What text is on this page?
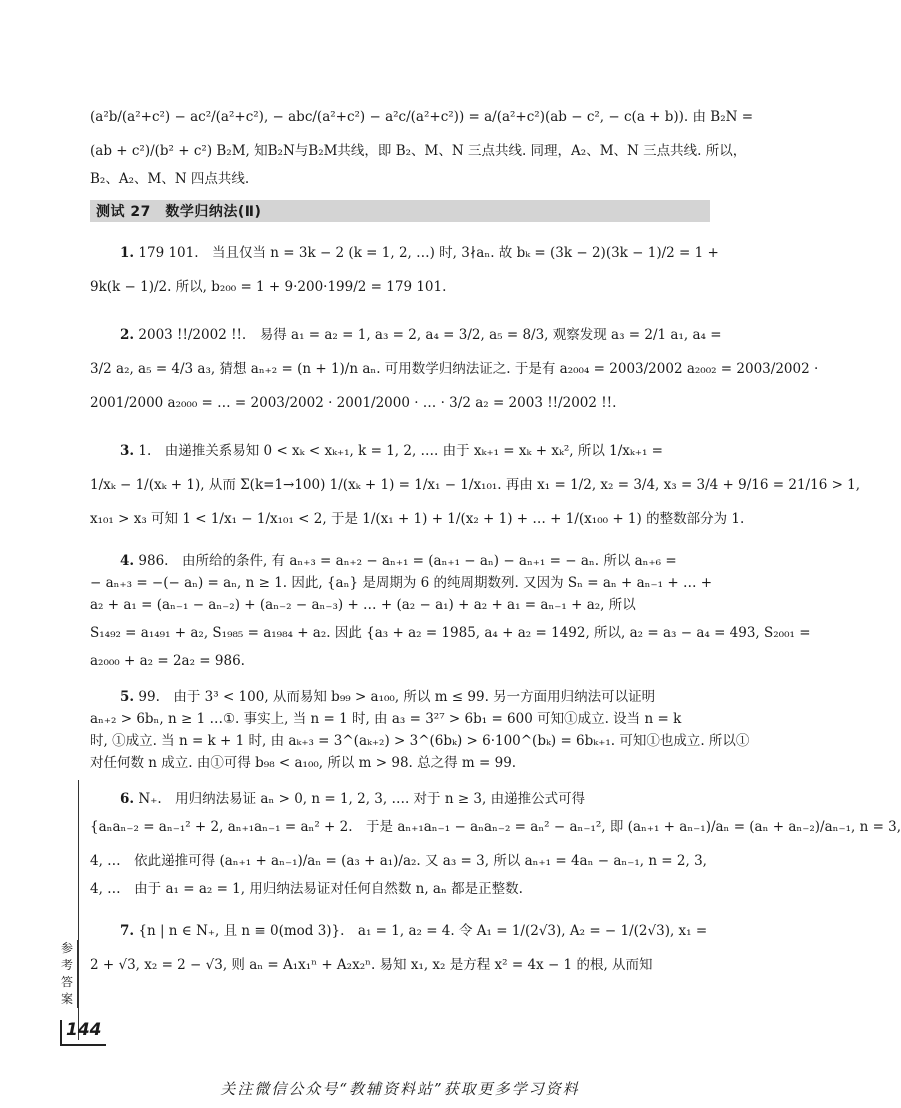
(a²b/(a²+c²) − ac²/(a²+c²), − abc/(a²+c²) − a²c/(a²+c²)) = a/(a²+c²)(ab − c², − c(a + b)). 由 B₂N =
(ab + c²)/(b² + c²) B₂M, 知B₂N与B₂M共线，即 B₂、M、N 三点共线. 同理，A₂、M、N 三点共线. 所以，
B₂、A₂、M、N 四点共线.
测试 27　数学归纳法(Ⅱ)
1. 179 101.　当且仅当 n = 3k − 2 (k = 1, 2, …) 时, 3∤aₙ. 故 bₖ = (3k − 2)(3k − 1)/2 = 1 +
9k(k − 1)/2. 所以, b₂₀₀ = 1 + 9·200·199/2 = 179 101.
2. 2003 !!/2002 !!.　易得 a₁ = a₂ = 1, a₃ = 2, a₄ = 3/2, a₅ = 8/3, 观察发现 a₃ = 2/1 a₁, a₄ =
3/2 a₂, a₅ = 4/3 a₃, 猜想 aₙ₊₂ = (n + 1)/n aₙ. 可用数学归纳法证之. 于是有 a₂₀₀₄ = 2003/2002 a₂₀₀₂ = 2003/2002 ·
2001/2000 a₂₀₀₀ = … = 2003/2002 · 2001/2000 · … · 3/2 a₂ = 2003 !!/2002 !!.
3. 1.　由递推关系易知 0 < xₖ < xₖ₊₁, k = 1, 2, …. 由于 xₖ₊₁ = xₖ + xₖ², 所以 1/xₖ₊₁ =
1/xₖ − 1/(xₖ + 1), 从而 Σ(k=1→100) 1/(xₖ + 1) = 1/x₁ − 1/x₁₀₁. 再由 x₁ = 1/2, x₂ = 3/4, x₃ = 3/4 + 9/16 = 21/16 > 1,
x₁₀₁ > x₃ 可知 1 < 1/x₁ − 1/x₁₀₁ < 2, 于是 1/(x₁ + 1) + 1/(x₂ + 1) + … + 1/(x₁₀₀ + 1) 的整数部分为 1.
4. 986.　由所给的条件, 有 aₙ₊₃ = aₙ₊₂ − aₙ₊₁ = (aₙ₊₁ − aₙ) − aₙ₊₁ = − aₙ. 所以 aₙ₊₆ =
− aₙ₊₃ = −(− aₙ) = aₙ, n ≥ 1. 因此, {aₙ} 是周期为 6 的纯周期数列. 又因为 Sₙ = aₙ + aₙ₋₁ + … +
a₂ + a₁ = (aₙ₋₁ − aₙ₋₂) + (aₙ₋₂ − aₙ₋₃) + … + (a₂ − a₁) + a₂ + a₁ = aₙ₋₁ + a₂, 所以
S₁₄₉₂ = a₁₄₉₁ + a₂, S₁₉₈₅ = a₁₉₈₄ + a₂. 因此 {a₃ + a₂ = 1985, a₄ + a₂ = 1492, 所以, a₂ = a₃ − a₄ = 493, S₂₀₀₁ =
a₂₀₀₀ + a₂ = 2a₂ = 986.
5. 99.　由于 3³ < 100, 从而易知 b₉₉ > a₁₀₀, 所以 m ≤ 99. 另一方面用归纳法可以证明
aₙ₊₂ > 6bₙ, n ≥ 1 …①. 事实上, 当 n = 1 时, 由 a₃ = 3²⁷ > 6b₁ = 600 可知①成立. 设当 n = k
时, ①成立. 当 n = k + 1 时, 由 aₖ₊₃ = 3^(aₖ₊₂) > 3^(6bₖ) > 6·100^(bₖ) = 6bₖ₊₁. 可知①也成立. 所以①
对任何数 n 成立. 由①可得 b₉₈ < a₁₀₀, 所以 m > 98. 总之得 m = 99.
6. N₊.　用归纳法易证 aₙ > 0, n = 1, 2, 3, …. 对于 n ≥ 3, 由递推公式可得
{aₙaₙ₋₂ = aₙ₋₁² + 2, aₙ₊₁aₙ₋₁ = aₙ² + 2.　于是 aₙ₊₁aₙ₋₁ − aₙaₙ₋₂ = aₙ² − aₙ₋₁², 即 (aₙ₊₁ + aₙ₋₁)/aₙ = (aₙ + aₙ₋₂)/aₙ₋₁, n = 3,
4, …　依此递推可得 (aₙ₊₁ + aₙ₋₁)/aₙ = (a₃ + a₁)/a₂. 又 a₃ = 3, 所以 aₙ₊₁ = 4aₙ − aₙ₋₁, n = 2, 3,
4, …　由于 a₁ = a₂ = 1, 用归纳法易证对任何自然数 n, aₙ 都是正整数.
7. {n | n ∈ N₊, 且 n ≡ 0(mod 3)}.　a₁ = 1, a₂ = 4. 令 A₁ = 1/(2√3), A₂ = − 1/(2√3), x₁ =
2 + √3, x₂ = 2 − √3, 则 aₙ = A₁x₁ⁿ + A₂x₂ⁿ. 易知 x₁, x₂ 是方程 x² = 4x − 1 的根, 从而知
参
考
答
案
144
关注微信公众号“教辅资料站”获取更多学习资料
